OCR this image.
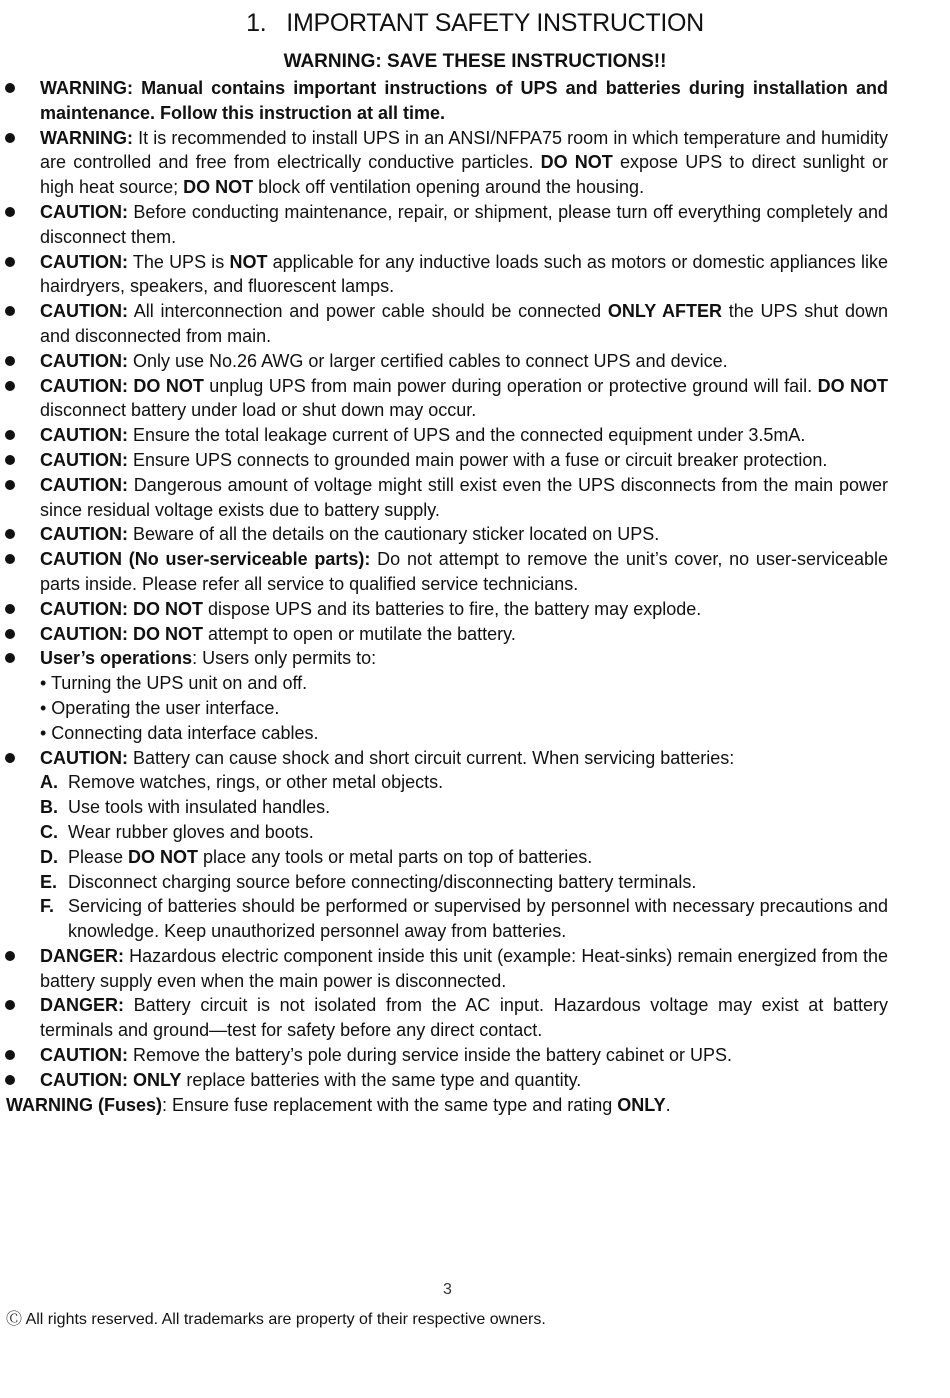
1.   IMPORTANT SAFETY INSTRUCTION
WARNING: SAVE THESE INSTRUCTIONS!!

WARNING: Manual contains important instructions of UPS and batteries during installation and maintenance. Follow this instruction at all time.

WARNING: It is recommended to install UPS in an ANSI/NFPA75 room in which temperature and humidity are controlled and free from electrically conductive particles. DO NOT expose UPS to direct sunlight or high heat source; DO NOT block off ventilation opening around the housing.

CAUTION: Before conducting maintenance, repair, or shipment, please turn off everything completely and disconnect them.

CAUTION: The UPS is NOT applicable for any inductive loads such as motors or domestic appliances like hairdryers, speakers, and fluorescent lamps.

CAUTION: All interconnection and power cable should be connected ONLY AFTER the UPS shut down and disconnected from main.

CAUTION: Only use No.26 AWG or larger certified cables to connect UPS and device.

CAUTION: DO NOT unplug UPS from main power during operation or protective ground will fail. DO NOT disconnect battery under load or shut down may occur.

CAUTION: Ensure the total leakage current of UPS and the connected equipment under 3.5mA.

CAUTION: Ensure UPS connects to grounded main power with a fuse or circuit breaker protection.

CAUTION: Dangerous amount of voltage might still exist even the UPS disconnects from the main power since residual voltage exists due to battery supply.

CAUTION: Beware of all the details on the cautionary sticker located on UPS.

CAUTION (No user-serviceable parts): Do not attempt to remove the unit’s cover, no user-serviceable parts inside. Please refer all service to qualified service technicians.

CAUTION: DO NOT dispose UPS and its batteries to fire, the battery may explode.

CAUTION: DO NOT attempt to open or mutilate the battery.

User’s operations: Users only permits to:

• Turning the UPS unit on and off.
• Operating the user interface.
• Connecting data interface cables.

CAUTION: Battery can cause shock and short circuit current. When servicing batteries:

A. Remove watches, rings, or other metal objects.
B. Use tools with insulated handles.
C. Wear rubber gloves and boots.
D. Please DO NOT place any tools or metal parts on top of batteries.
E. Disconnect charging source before connecting/disconnecting battery terminals.
F. Servicing of batteries should be performed or supervised by personnel with necessary precautions and knowledge. Keep unauthorized personnel away from batteries.

DANGER: Hazardous electric component inside this unit (example: Heat-sinks) remain energized from the battery supply even when the main power is disconnected.

DANGER: Battery circuit is not isolated from the AC input. Hazardous voltage may exist at battery terminals and ground—test for safety before any direct contact.

CAUTION: Remove the battery’s pole during service inside the battery cabinet or UPS.

CAUTION: ONLY replace batteries with the same type and quantity.

WARNING (Fuses): Ensure fuse replacement with the same type and rating ONLY.
3
Ⓒ All rights reserved. All trademarks are property of their respective owners.
